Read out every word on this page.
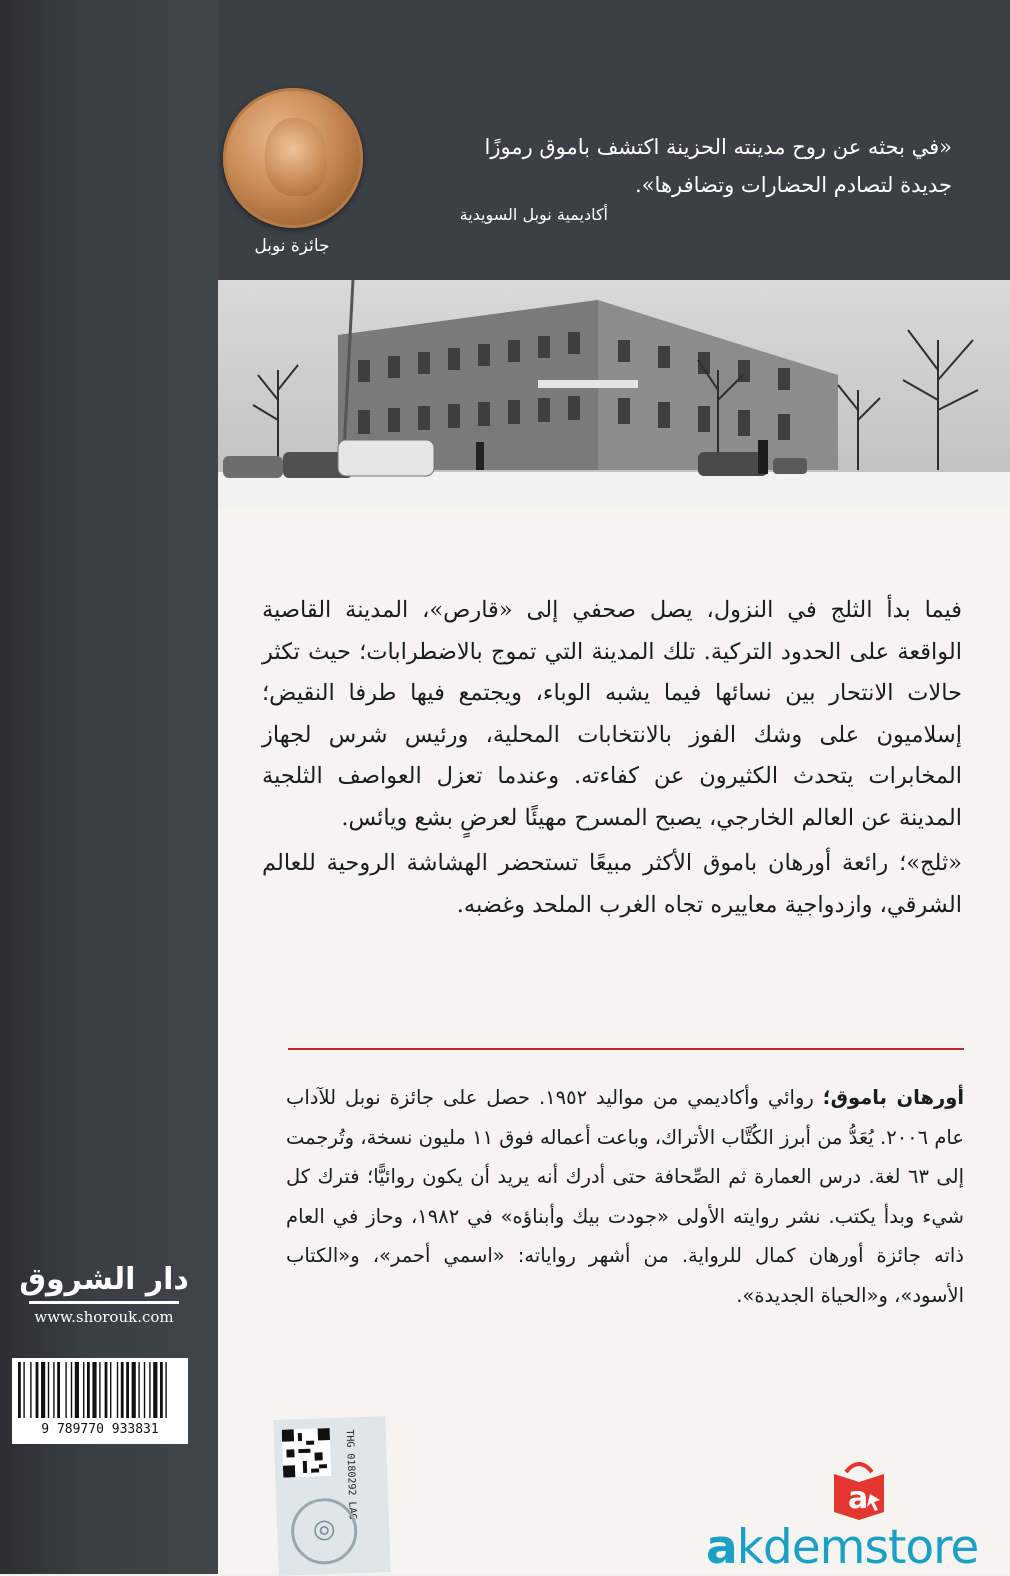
جائزة نوبل

«في بحثه عن روح مدينته الحزينة اكتشف باموق رموزًا

جديدة لتصادم الحضارات وتضافرها».

أكاديمية نوبل السويدية

فيما بدأ الثلج في النزول، يصل صحفي إلى «قارص»، المدينة القاصية الواقعة على الحدود التركية. تلك المدينة التي تموج بالاضطرابات؛ حيث تكثر حالات الانتحار بين نسائها فيما يشبه الوباء، ويجتمع فيها طرفا النقيض؛ إسلاميون على وشك الفوز بالانتخابات المحلية، ورئيس شرس لجهاز المخابرات يتحدث الكثيرون عن كفاءته. وعندما تعزل العواصف الثلجية المدينة عن العالم الخارجي، يصبح المسرح مهيئًا لعرضٍ بشع ويائس.

«ثلج»؛ رائعة أورهان باموق الأكثر مبيعًا تستحضر الهشاشة الروحية للعالم الشرقي، وازدواجية معاييره تجاه الغرب الملحد وغضبه.

أورهان باموق؛ روائي وأكاديمي من مواليد ١٩٥٢. حصل على جائزة نوبل للآداب عام ٢٠٠٦. يُعَدُّ من أبرز الكُتَّاب الأتراك، وباعت أعماله فوق ١١ مليون نسخة، وتُرجمت إلى ٦٣ لغة. درس العمارة ثم الصِّحافة حتى أدرك أنه يريد أن يكون روائيًّا؛ فترك كل شيء وبدأ يكتب. نشر روايته الأولى «جودت بيك وأبناؤه» في ١٩٨٢، وحاز في العام ذاته جائزة أورهان كمال للرواية. من أشهر رواياته: «اسمي أحمر»، و«الكتاب الأسود»، و«الحياة الجديدة».
دار الشروق
www.shorouk.com
9 789770 933831	THG 0180292 LAG
◎
a
akdemstore
